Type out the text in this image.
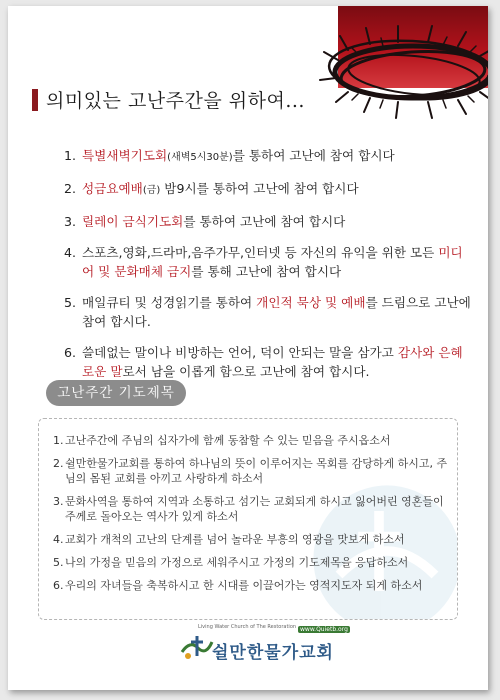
의미있는 고난주간을 위하여...
1. 특별새벽기도회(새벽5시30분)를 통하여 고난에 참여 합시다
2. 성금요예배(금) 밤9시를 통하여 고난에 참여 합시다
3. 릴레이 금식기도회를 통하여 고난에 참여 합시다
4. 스포츠,영화,드라마,음주가무,인터넷 등 자신의 유익을 위한 모든 미디어 및 문화매체 금지를 통해 고난에 참여 합시다
5. 매일큐티 및 성경읽기를 통하여 개인적 묵상 및 예배를 드림으로 고난에 참여 합시다.
6. 쓸데없는 말이나 비방하는 언어, 덕이 안되는 말을 삼가고 감사와 은혜로운 말로서 남을 이롭게 함으로 고난에 참여 합시다.
고난주간 기도제목
1. 고난주간에 주님의 십자가에 함께 동참할 수 있는 믿음을 주시옵소서
2. 쉴만한물가교회를 통하여 하나님의 뜻이 이루어지는 목회를 감당하게 하시고, 주님의 몸된 교회를 아끼고 사랑하게 하소서
3. 문화사역을 통하여 지역과 소통하고 섬기는 교회되게 하시고 잃어버린 영혼들이 주께로 돌아오는 역사가 있게 하소서
4. 교회가 개척의 고난의 단계를 넘어 놀라운 부흥의 영광을 맛보게 하소서
5. 나의 가정을 믿음의 가정으로 세워주시고 가정의 기도제목을 응답하소서
6. 우리의 자녀들을 축복하시고 한 시대를 이끌어가는 영적지도자 되게 하소서
Living Water Church of The Restoration www.Quietb.org
쉴만한물가교회
